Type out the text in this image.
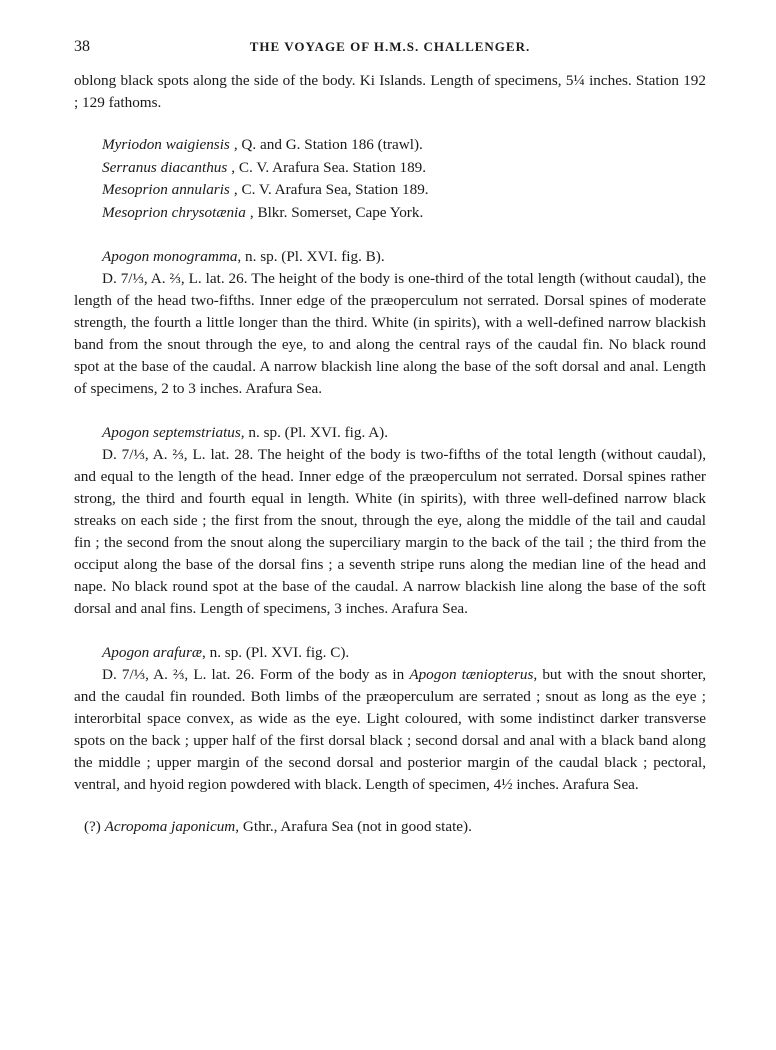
38	THE VOYAGE OF H.M.S. CHALLENGER.

oblong black spots along the side of the body. Ki Islands. Length of specimens, 5¼ inches. Station 192 ; 129 fathoms.

Myriodon waigiensis , Q. and G. Station 186 (trawl).
Serranus diacanthus , C. V. Arafura Sea. Station 189.
Mesoprion annularis , C. V. Arafura Sea, Station 189.
Mesoprion chrysotænia , Blkr. Somerset, Cape York.
Apogon monogramma, n. sp. (Pl. XVI. fig. B).

D. 7/⅓, A. ⅔, L. lat. 26. The height of the body is one-third of the total length (without caudal), the length of the head two-fifths. Inner edge of the præoperculum not serrated. Dorsal spines of moderate strength, the fourth a little longer than the third. White (in spirits), with a well-defined narrow blackish band from the snout through the eye, to and along the central rays of the caudal fin. No black round spot at the base of the caudal. A narrow blackish line along the base of the soft dorsal and anal. Length of specimens, 2 to 3 inches. Arafura Sea.

Apogon septemstriatus, n. sp. (Pl. XVI. fig. A).

D. 7/⅓, A. ⅔, L. lat. 28. The height of the body is two-fifths of the total length (without caudal), and equal to the length of the head. Inner edge of the præoperculum not serrated. Dorsal spines rather strong, the third and fourth equal in length. White (in spirits), with three well-defined narrow black streaks on each side ; the first from the snout, through the eye, along the middle of the tail and caudal fin ; the second from the snout along the superciliary margin to the back of the tail ; the third from the occiput along the base of the dorsal fins ; a seventh stripe runs along the median line of the head and nape. No black round spot at the base of the caudal. A narrow blackish line along the base of the soft dorsal and anal fins. Length of specimens, 3 inches. Arafura Sea.

Apogon arafuræ, n. sp. (Pl. XVI. fig. C).

D. 7/⅓, A. ⅔, L. lat. 26. Form of the body as in Apogon tæniopterus, but with the snout shorter, and the caudal fin rounded. Both limbs of the præoperculum are serrated ; snout as long as the eye ; interorbital space convex, as wide as the eye. Light coloured, with some indistinct darker transverse spots on the back ; upper half of the first dorsal black ; second dorsal and anal with a black band along the middle ; upper margin of the second dorsal and posterior margin of the caudal black ; pectoral, ventral, and hyoid region powdered with black. Length of specimen, 4½ inches. Arafura Sea.

(?) Acropoma japonicum, Gthr., Arafura Sea (not in good state).
